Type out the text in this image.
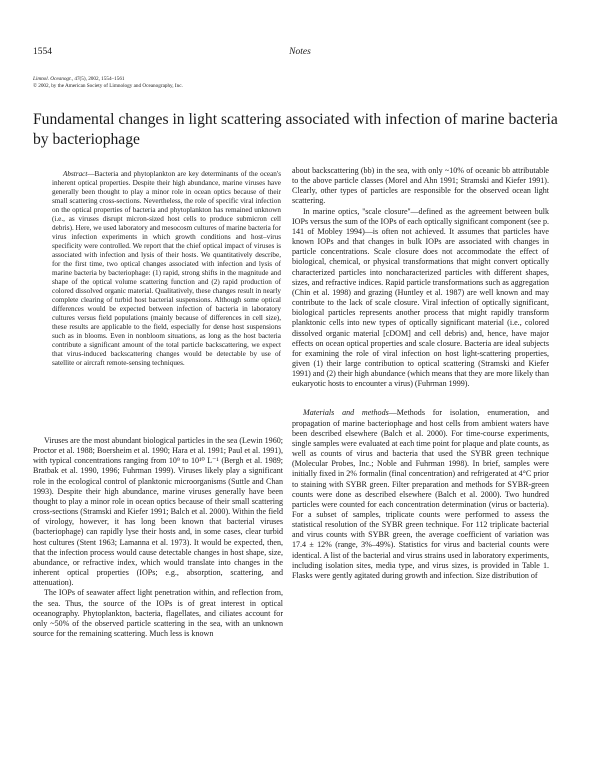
1554	Notes
Limnol. Oceanogr., 47(5), 2002, 1554–1561
© 2002, by the American Society of Limnology and Oceanography, Inc.
Fundamental changes in light scattering associated with infection of marine bacteria by bacteriophage

Abstract—Bacteria and phytoplankton are key determinants of the ocean's inherent optical properties. Despite their high abundance, marine viruses have generally been thought to play a minor role in ocean optics because of their small scattering cross-sections. Nevertheless, the role of specific viral infection on the optical properties of bacteria and phytoplankton has remained unknown (i.e., as viruses disrupt micron-sized host cells to produce submicron cell debris). Here, we used laboratory and mesocosm cultures of marine bacteria for virus infection experiments in which growth conditions and host–virus specificity were controlled. We report that the chief optical impact of viruses is associated with infection and lysis of their hosts. We quantitatively describe, for the first time, two optical changes associated with infection and lysis of marine bacteria by bacteriophage: (1) rapid, strong shifts in the magnitude and shape of the optical volume scattering function and (2) rapid production of colored dissolved organic material. Qualitatively, these changes result in nearly complete clearing of turbid host bacterial suspensions. Although some optical differences would be expected between infection of bacteria in laboratory cultures versus field populations (mainly because of differences in cell size), these results are applicable to the field, especially for dense host suspensions such as in blooms. Even in nonbloom situations, as long as the host bacteria contribute a significant amount of the total particle backscattering, we expect that virus-induced backscattering changes would be detectable by use of satellite or aircraft remote-sensing techniques.

Viruses are the most abundant biological particles in the sea (Lewin 1960; Proctor et al. 1988; Boersheim et al. 1990; Hara et al. 1991; Paul et al. 1991), with typical concentrations ranging from 10⁹ to 10¹⁰ L⁻¹ (Bergh et al. 1989; Bratbak et al. 1990, 1996; Fuhrman 1999). Viruses likely play a significant role in the ecological control of planktonic microorganisms (Suttle and Chan 1993). Despite their high abundance, marine viruses generally have been thought to play a minor role in ocean optics because of their small scattering cross-sections (Stramski and Kiefer 1991; Balch et al. 2000). Within the field of virology, however, it has long been known that bacterial viruses (bacteriophage) can rapidly lyse their hosts and, in some cases, clear turbid host cultures (Stent 1963; Lamanna et al. 1973). It would be expected, then, that the infection process would cause detectable changes in host shape, size, abundance, or refractive index, which would translate into changes in the inherent optical properties (IOPs; e.g., absorption, scattering, and attenuation).

The IOPs of seawater affect light penetration within, and reflection from, the sea. Thus, the source of the IOPs is of great interest in optical oceanography. Phytoplankton, bacteria, flagellates, and ciliates account for only ~50% of the observed particle scattering in the sea, with an unknown source for the remaining scattering. Much less is known

about backscattering (bb) in the sea, with only ~10% of oceanic bb attributable to the above particle classes (Morel and Ahn 1991; Stramski and Kiefer 1991). Clearly, other types of particles are responsible for the observed ocean light scattering.

In marine optics, ''scale closure''—defined as the agreement between bulk IOPs versus the sum of the IOPs of each optically significant component (see p. 141 of Mobley 1994)—is often not achieved. It assumes that particles have known IOPs and that changes in bulk IOPs are associated with changes in particle concentrations. Scale closure does not accommodate the effect of biological, chemical, or physical transformations that might convert optically characterized particles into noncharacterized particles with different shapes, sizes, and refractive indices. Rapid particle transformations such as aggregation (Chin et al. 1998) and grazing (Huntley et al. 1987) are well known and may contribute to the lack of scale closure. Viral infection of optically significant, biological particles represents another process that might rapidly transform planktonic cells into new types of optically significant material (i.e., colored dissolved organic material [cDOM] and cell debris) and, hence, have major effects on ocean optical properties and scale closure. Bacteria are ideal subjects for examining the role of viral infection on host light-scattering properties, given (1) their large contribution to optical scattering (Stramski and Kiefer 1991) and (2) their high abundance (which means that they are more likely than eukaryotic hosts to encounter a virus) (Fuhrman 1999).

Materials and methods—Methods for isolation, enumeration, and propagation of marine bacteriophage and host cells from ambient waters have been described elsewhere (Balch et al. 2000). For time-course experiments, single samples were evaluated at each time point for plaque and plate counts, as well as counts of virus and bacteria that used the SYBR green technique (Molecular Probes, Inc.; Noble and Fuhrman 1998). In brief, samples were initially fixed in 2% formalin (final concentration) and refrigerated at 4°C prior to staining with SYBR green. Filter preparation and methods for SYBR-green counts were done as described elsewhere (Balch et al. 2000). Two hundred particles were counted for each concentration determination (virus or bacteria). For a subset of samples, triplicate counts were performed to assess the statistical resolution of the SYBR green technique. For 112 triplicate bacterial and virus counts with SYBR green, the average coefficient of variation was 17.4 ± 12% (range, 3%–49%). Statistics for virus and bacterial counts were identical. A list of the bacterial and virus strains used in laboratory experiments, including isolation sites, media type, and virus sizes, is provided in Table 1. Flasks were gently agitated during growth and infection. Size distribution of
